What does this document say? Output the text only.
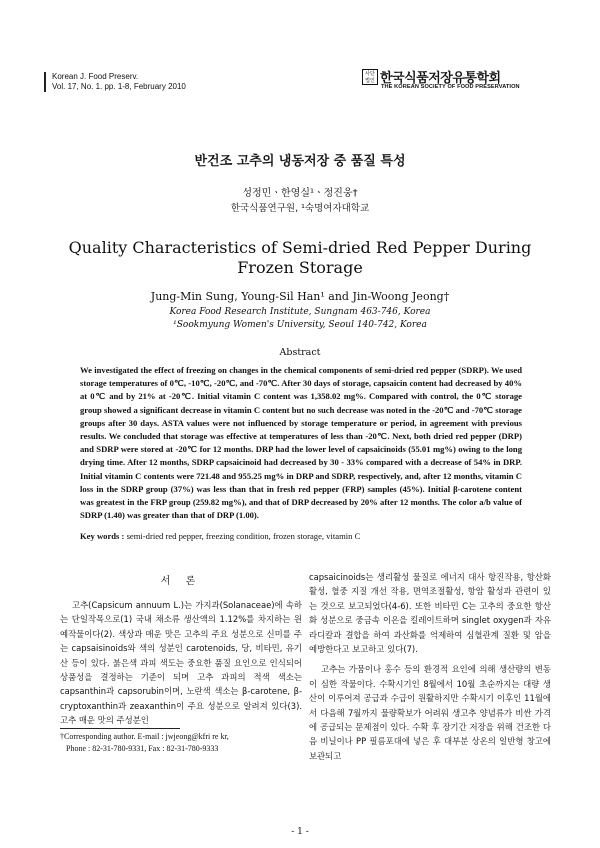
Korean J. Food Preserv.
Vol. 17, No. 1. pp. 1-8, February 2010
사단법인 한국식품저장유통학회
THE KOREAN SOCIETY OF FOOD PRESERVATION
반건조 고추의 냉동저장 중 품질 특성
성정민ㆍ한영실¹ㆍ정진웅†
한국식품연구원, ¹숙명여자대학교
Quality Characteristics of Semi-dried Red Pepper During Frozen Storage
Jung-Min Sung, Young-Sil Han¹ and Jin-Woong Jeong†
Korea Food Research Institute, Sungnam 463-746, Korea
¹Sookmyung Women's University, Seoul 140-742, Korea
Abstract
We investigated the effect of freezing on changes in the chemical components of semi-dried red pepper (SDRP). We used storage temperatures of 0℃, -10℃, -20℃, and -70℃. After 30 days of storage, capsaicin content had decreased by 40% at 0℃ and by 21% at -20℃. Initial vitamin C content was 1,358.02 mg%. Compared with control, the 0℃ storage group showed a significant decrease in vitamin C content but no such decrease was noted in the -20℃ and -70℃ storage groups after 30 days. ASTA values were not influenced by storage temperature or period, in agreement with previous results. We concluded that storage was effective at temperatures of less than -20℃. Next, both dried red pepper (DRP) and SDRP were stored at -20℃ for 12 months. DRP had the lower level of capsaicinoids (55.01 mg%) owing to the long drying time. After 12 months, SDRP capsaicinoid had decreased by 30 - 33% compared with a decrease of 54% in DRP. Initial vitamin C contents were 721.48 and 955.25 mg% in DRP and SDRP, respectively, and, after 12 months, vitamin C loss in the SDRP group (37%) was less than that in fresh red pepper (FRP) samples (45%). Initial β-carotene content was greatest in the FRP group (259.82 mg%), and that of DRP decreased by 20% after 12 months. The color a/b value of SDRP (1.40) was greater than that of DRP (1.00).
Key words : semi-dried red pepper, freezing condition, frozen storage, vitamin C
서 론

고추(Capsicum annuum L.)는 가지과(Solanaceae)에 속하는 단일작목으로(1) 국내 채소류 생산액의 1.12%를 차지하는 원예작물이다(2). 색상과 매운 맛은 고추의 주요 성분으로 신미를 주는 capsaisinoids와 색의 성분인 carotenoids, 당, 비타민, 유기산 등이 있다. 붉은색 과피 색도는 중요한 품질 요인으로 인식되어 상품성을 결정하는 기준이 되며 고추 과피의 적색 색소는 capsanthin과 capsorubin이며, 노란색 색소는 β-carotene, β-cryptoxanthin과 zeaxanthin이 주요 성분으로 알려져 있다(3). 고추 매운 맛의 주성분인

capsaicinoids는 생리활성 물질로 에너지 대사 항진작용, 항산화 활성, 혈중 지질 개선 작용, 면역조절활성, 항암 활성과 관련이 있는 것으로 보고되었다(4-6). 또한 비타민 C는 고추의 중요한 항산화 성분으로 중금속 이온을 킬레이트하며 singlet oxygen과 자유라디칼과 결합을 하여 과산화를 억제하여 심혈관계 질환 및 암을 예방한다고 보고하고 있다(7).

고추는 가뭄이나 홍수 등의 환경적 요인에 의해 생산량의 변동이 심한 작물이다. 수확시기인 8월에서 10월 초순까지는 대량 생산이 이루어져 공급과 수급이 원활하지만 수확시기 이후인 11월에서 다음해 7월까지 물량확보가 어려워 생고추 양념류가 비싼 가격에 공급되는 문제점이 있다. 수확 후 장기간 저장을 위해 건조한 다음 비닐이나 PP 필름포대에 넣은 후 대부분 상온의 일반형 창고에 보관되고

†Corresponding author. E-mail : jwjeong@kfri re kr,
Phone : 82-31-780-9331, Fax : 82-31-780-9333
- 1 -
